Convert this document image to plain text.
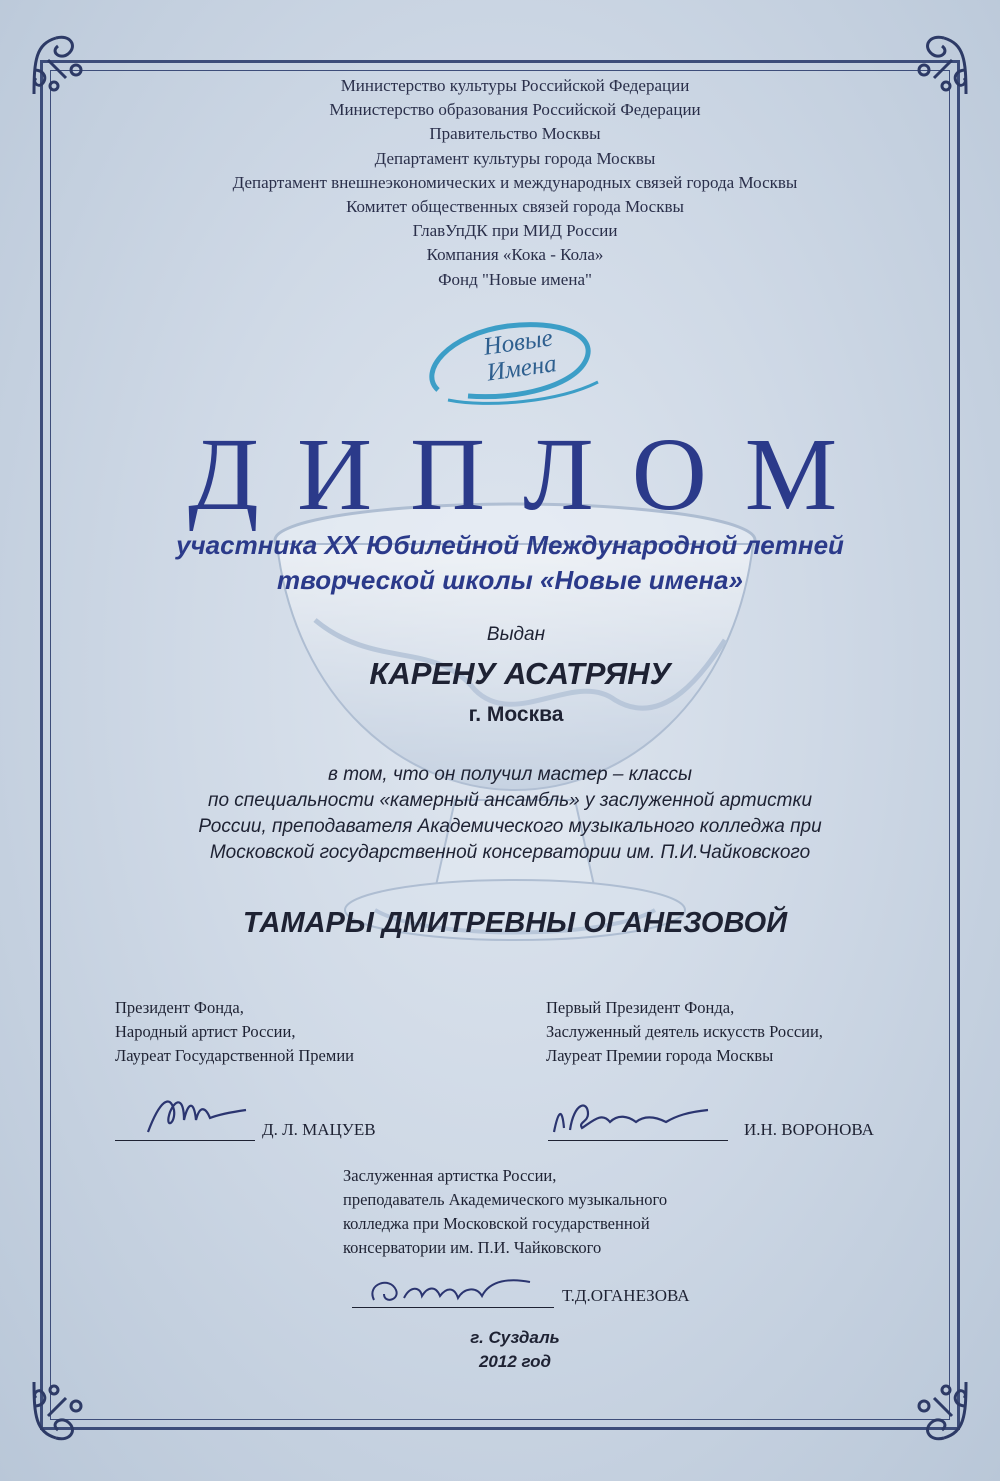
Министерство культуры Российской Федерации
Министерство образования Российской Федерации
Правительство Москвы
Департамент культуры города Москвы
Департамент внешнеэкономических и международных связей города Москвы
Комитет общественных связей города Москвы
ГлавУпДК при МИД России
Компания «Кока - Кола»
Фонд "Новые имена"
Новые
Имена
ДИПЛОМ
участника XX Юбилейной Международной летней
творческой школы «Новые имена»
Выдан
КАРЕНУ АСАТРЯНУ
г. Москва
в том, что он получил мастер – классы
по специальности «камерный ансамбль» у заслуженной артистки
России, преподавателя Академического музыкального колледжа при
Московской государственной консерватории им. П.И.Чайковского
ТАМАРЫ ДМИТРЕВНЫ ОГАНЕЗОВОЙ
Президент Фонда,
Народный артист России,
Лауреат Государственной Премии
Д. Л. МАЦУЕВ
Первый Президент Фонда,
Заслуженный деятель искусств России,
Лауреат Премии города Москвы
И.Н. ВОРОНОВА
Заслуженная артистка России,
преподаватель Академического музыкального
колледжа при Московской государственной
консерватории им. П.И. Чайковского
Т.Д.ОГАНЕЗОВА
г. Суздаль
2012 год
